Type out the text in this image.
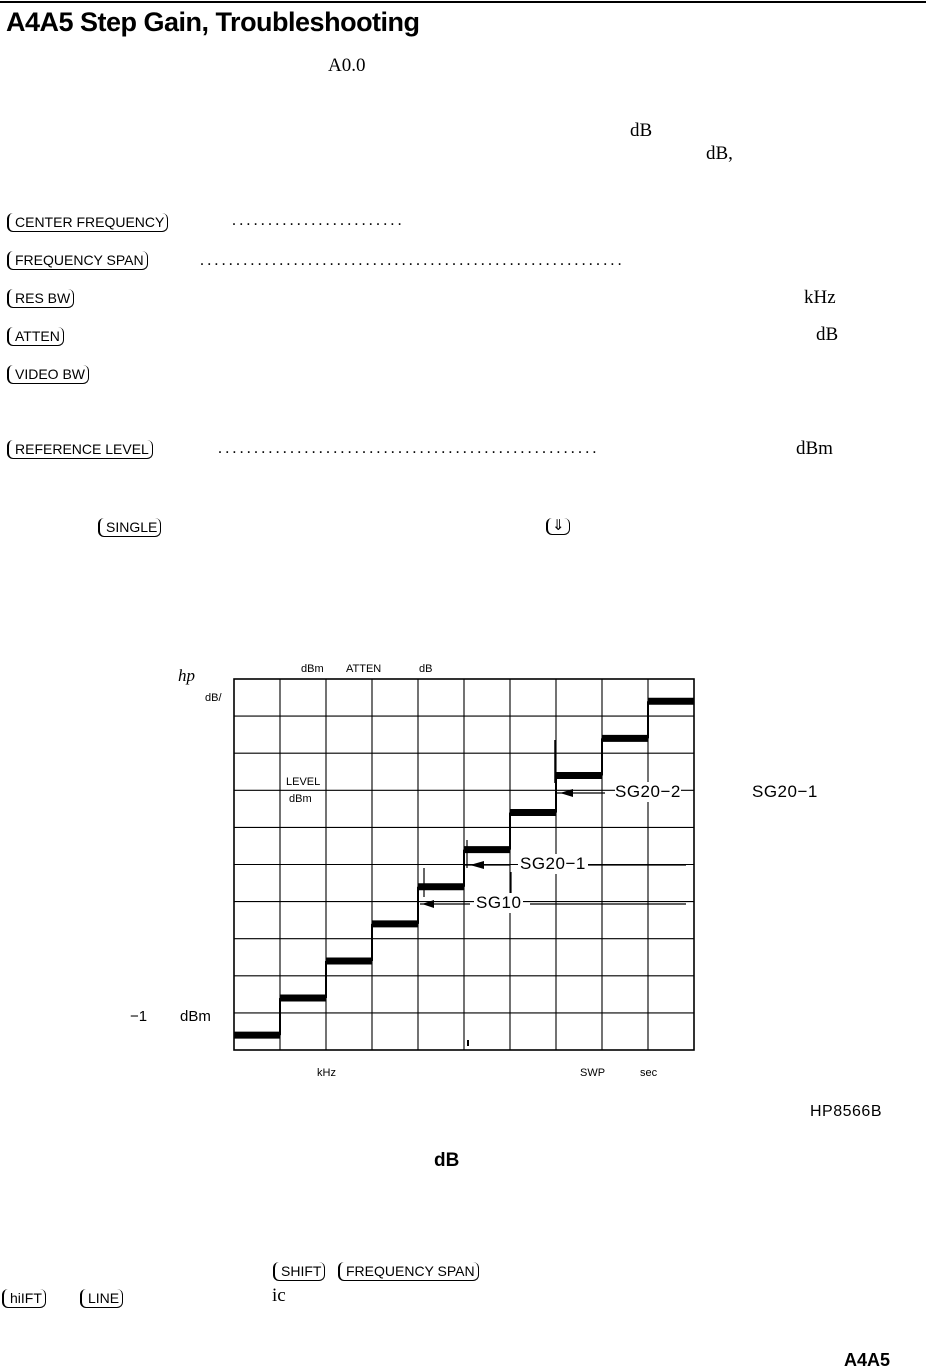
A4A5 Step Gain, Troubleshooting
A0.0
dB
dB,
CENTER FREQUENCY	........................
FREQUENCY SPAN	...........................................................
RES BW	kHz
ATTEN	dB
VIDEO BW
REFERENCE LEVEL	.....................................................	dBm
SINGLE	⇓
hp	dBm ATTEN	dB
dB/
LEVEL
dBm
−1 dBm
kHz	SWP	sec
SG20−2
SG20−1
SG10
SG20−1
HP8566B
dB
SHIFT	FREQUENCY SPAN
hiIFT	LINE	ic
A4A5
